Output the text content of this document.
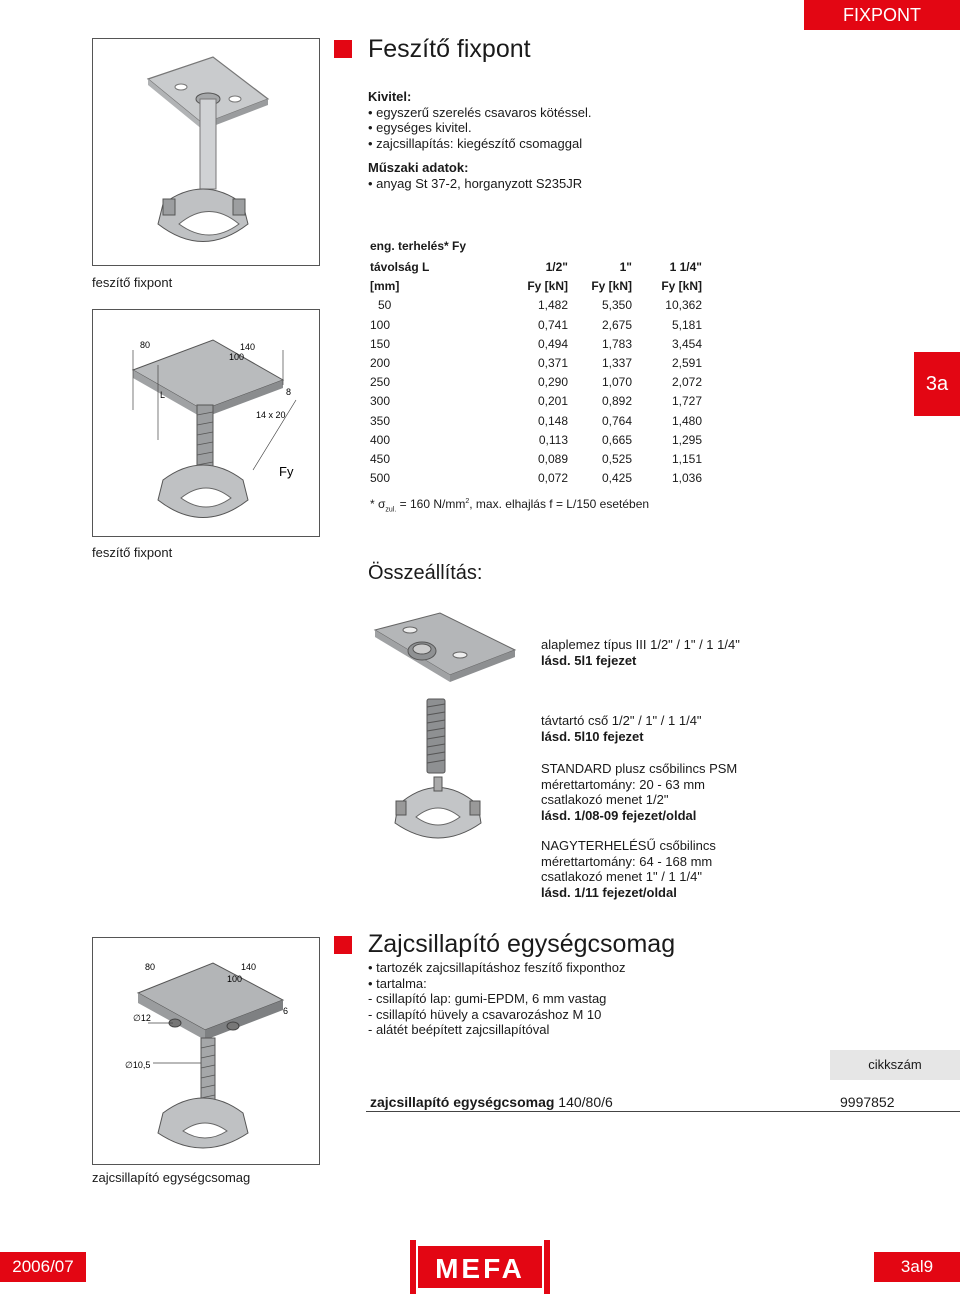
FIXPONT
3a
Feszítő fixpont
feszítő fixpont
80	140
100
8
L
14 x 20
Fy
feszítő fixpont
Kivitel:
• egyszerű szerelés csavaros kötéssel.
• egységes kivitel.
• zajcsillapítás: kiegészítő csomaggal
Műszaki adatok:
• anyag St 37-2, horganyzott S235JR
eng. terhelés* Fy
távolság L	1/2"	1"	1 1/4"
[mm]	Fy [kN]	Fy [kN]	Fy [kN]
50	1,482	5,350	10,362
100	0,741	2,675	5,181
150	0,494	1,783	3,454
200	0,371	1,337	2,591
250	0,290	1,070	2,072
300	0,201	0,892	1,727
350	0,148	0,764	1,480
400	0,113	0,665	1,295
450	0,089	0,525	1,151
500	0,072	0,425	1,036
* $\sigma_{zul.} = 160$ $N/mm^2$, max. elhajlás f = L/150 esetében
Összeállítás:
alaplemez típus III 1/2" / 1" / 1 1/4"
lásd. 5l1 fejezet
távtartó cső 1/2" / 1" / 1 1/4"
lásd. 5l10 fejezet
STANDARD plusz csőbilincs PSM
mérettartomány: 20 - 63 mm
csatlakozó menet 1/2"
lásd. 1/08-09 fejezet/oldal
NAGYTERHELÉSŰ csőbilincs
mérettartomány: 64 - 168 mm
csatlakozó menet 1" / 1 1/4"
lásd. 1/11 fejezet/oldal
Zajcsillapító egységcsomag
• tartozék zajcsillapításhoz feszítő fixponthoz
• tartalma:
- csillapító lap: gumi-EPDM, 6 mm vastag
- csillapító hüvely a csavarozáshoz M 10
- alátét beépített zajcsillapítóval
80	140
100
6
∅12
∅10,5
zajcsillapító egységcsomag
cikkszám
zajcsillapító egységcsomag 140/80/6	9997852
2006/07	MEFA	3al9
